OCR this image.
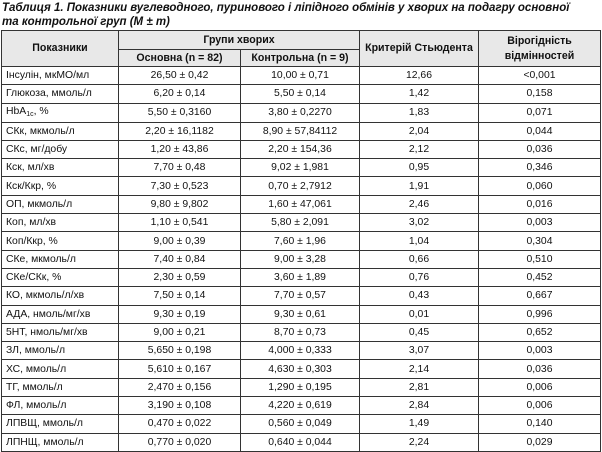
Таблиця 1. Показники вуглеводного, пуринового і ліпідного обмінів у хворих на подагру основної
та контрольної груп (M ± m)
Показники	Групи хворих		Критерій Стьюдента	Вірогідність
відмінностей

	Основна (n = 82)	Контрольна (n = 9)		
Інсулін, мкМО/мл	26,50 ± 0,42	10,00 ± 0,71	12,66	<0,001
Глюкоза, ммоль/л	6,20 ± 0,14	5,50 ± 0,14	1,42	0,158
HbA$_{1c}$, %	5,50 ± 0,3160	3,80 ± 0,2270	1,83	0,071
СКк, мкмоль/л	2,20 ± 16,1182	8,90 ± 57,84112	2,04	0,044
СКс, мг/добу	1,20 ± 43,86	2,20 ± 154,36	2,12	0,036
Кск, мл/хв	7,70 ± 0,48	9,02 ± 1,981	0,95	0,346
Кск/Ккр, %	7,30 ± 0,523	0,70 ± 2,7912	1,91	0,060
ОП, мкмоль/л	9,80 ± 9,802	1,60 ± 47,061	2,46	0,016
Коп, мл/хв	1,10 ± 0,541	5,80 ± 2,091	3,02	0,003
Коп/Ккр, %	9,00 ± 0,39	7,60 ± 1,96	1,04	0,304
СКе, мкмоль/л	7,40 ± 0,84	9,00 ± 3,28	0,66	0,510
СКе/СКк, %	2,30 ± 0,59	3,60 ± 1,89	0,76	0,452
КО, мкмоль/л/хв	7,50 ± 0,14	7,70 ± 0,57	0,43	0,667
АДА, нмоль/мг/хв	9,30 ± 0,19	9,30 ± 0,61	0,01	0,996
5НТ, нмоль/мг/хв	9,00 ± 0,21	8,70 ± 0,73	0,45	0,652
ЗЛ, ммоль/л	5,650 ± 0,198	4,000 ± 0,333	3,07	0,003
ХС, ммоль/л	5,610 ± 0,167	4,630 ± 0,303	2,14	0,036
ТГ, ммоль/л	2,470 ± 0,156	1,290 ± 0,195	2,81	0,006
ФЛ, ммоль/л	3,190 ± 0,108	4,220 ± 0,619	2,84	0,006
ЛПВЩ, ммоль/л	0,470 ± 0,022	0,560 ± 0,049	1,49	0,140
ЛПНЩ, ммоль/л	0,770 ± 0,020	0,640 ± 0,044	2,24	0,029
